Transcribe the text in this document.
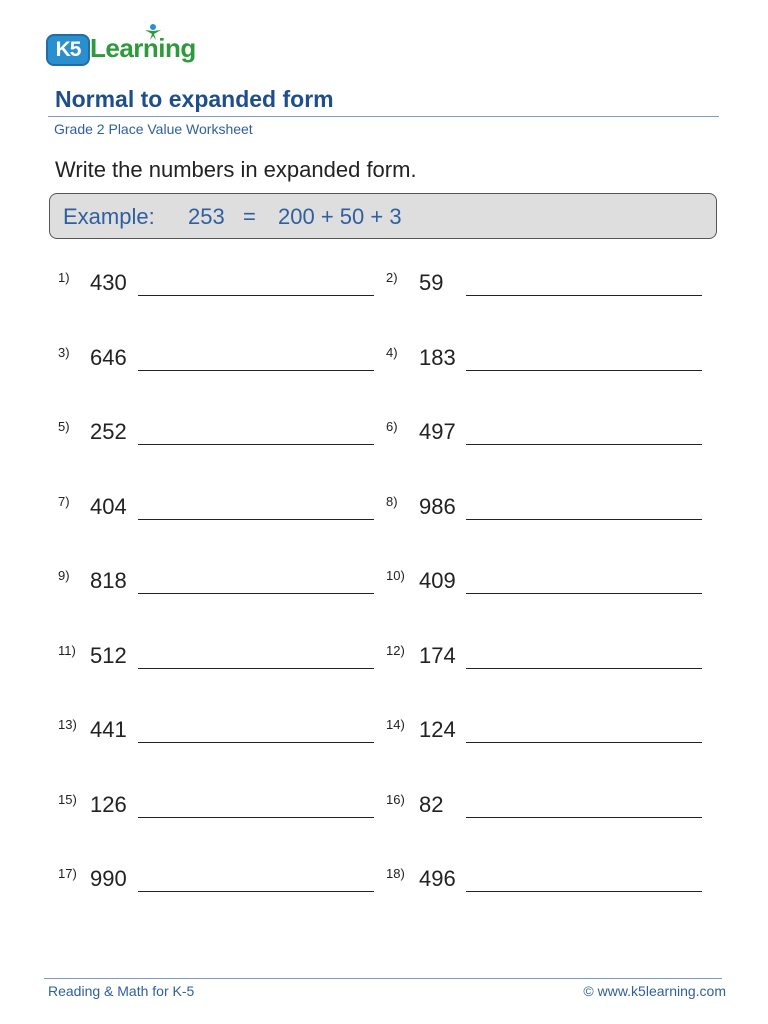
K5 Learning
Normal to expanded form
Grade 2 Place Value Worksheet
Write the numbers in expanded form.
Example: 253 = 200 + 50 + 3
1) 430	2) 59
3) 646	4) 183
5) 252	6) 497
7) 404	8) 986
9) 818	10) 409
11) 512	12) 174
13) 441	14) 124
15) 126	16) 82
17) 990	18) 496
Reading & Math for K-5	© www.k5learning.com
